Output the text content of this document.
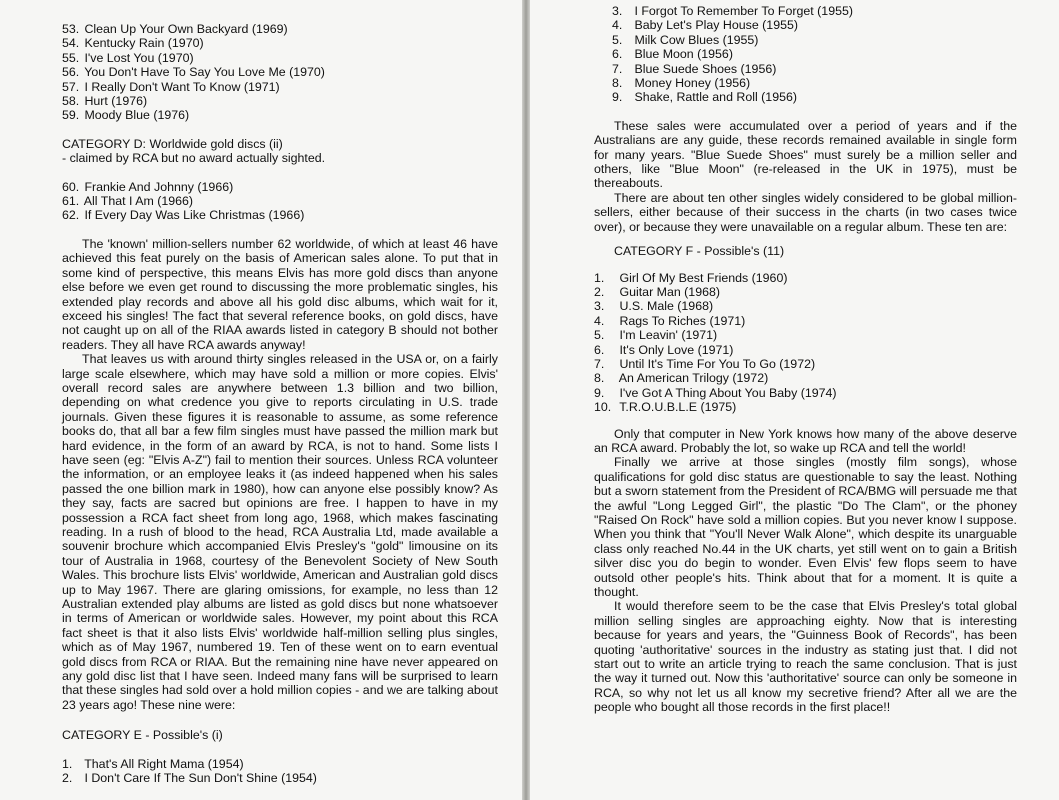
53. Clean Up Your Own Backyard (1969)
54. Kentucky Rain (1970)
55. I've Lost You (1970)
56. You Don't Have To Say You Love Me (1970)
57. I Really Don't Want To Know (1971)
58. Hurt (1976)
59. Moody Blue (1976)
CATEGORY D: Worldwide gold discs (ii)
- claimed by RCA but no award actually sighted.
60. Frankie And Johnny (1966)
61. All That I Am (1966)
62. If Every Day Was Like Christmas (1966)

The 'known' million-sellers number 62 worldwide, of which at least 46 have achieved this feat purely on the basis of American sales alone. To put that in some kind of perspective, this means Elvis has more gold discs than anyone else before we even get round to discussing the more problematic singles, his extended play records and above all his gold disc albums, which wait for it, exceed his singles! The fact that several reference books, on gold discs, have not caught up on all of the RIAA awards listed in category B should not bother readers. They all have RCA awards anyway!

That leaves us with around thirty singles released in the USA or, on a fairly large scale elsewhere, which may have sold a million or more copies. Elvis' overall record sales are anywhere between 1.3 billion and two billion, depending on what credence you give to reports circulating in U.S. trade journals. Given these figures it is reasonable to assume, as some reference books do, that all bar a few film singles must have passed the million mark but hard evidence, in the form of an award by RCA, is not to hand. Some lists I have seen (eg: "Elvis A-Z") fail to mention their sources. Unless RCA volunteer the information, or an employee leaks it (as indeed happened when his sales passed the one billion mark in 1980), how can anyone else possibly know? As they say, facts are sacred but opinions are free. I happen to have in my possession a RCA fact sheet from long ago, 1968, which makes fascinating reading. In a rush of blood to the head, RCA Australia Ltd, made available a souvenir brochure which accompanied Elvis Presley's "gold" limousine on its tour of Australia in 1968, courtesy of the Benevolent Society of New South Wales. This brochure lists Elvis' worldwide, American and Australian gold discs up to May 1967. There are glaring omissions, for example, no less than 12 Australian extended play albums are listed as gold discs but none whatsoever in terms of American or worldwide sales. However, my point about this RCA fact sheet is that it also lists Elvis' worldwide half-million selling plus singles, which as of May 1967, numbered 19. Ten of these went on to earn eventual gold discs from RCA or RIAA. But the remaining nine have never appeared on any gold disc list that I have seen. Indeed many fans will be surprised to learn that these singles had sold over a hold million copies - and we are talking about 23 years ago! These nine were:

CATEGORY E - Possible's (i)
1. That's All Right Mama (1954)
2. I Don't Care If The Sun Don't Shine (1954)
3. I Forgot To Remember To Forget (1955)
4. Baby Let's Play House (1955)
5. Milk Cow Blues (1955)
6. Blue Moon (1956)
7. Blue Suede Shoes (1956)
8. Money Honey (1956)
9. Shake, Rattle and Roll (1956)

These sales were accumulated over a period of years and if the Australians are any guide, these records remained available in single form for many years. "Blue Suede Shoes" must surely be a million seller and others, like "Blue Moon" (re-released in the UK in 1975), must be thereabouts.

There are about ten other singles widely considered to be global million-sellers, either because of their success in the charts (in two cases twice over), or because they were unavailable on a regular album. These ten are:

CATEGORY F - Possible's (11)
1. Girl Of My Best Friends (1960)
2. Guitar Man (1968)
3. U.S. Male (1968)
4. Rags To Riches (1971)
5. I'm Leavin' (1971)
6. It's Only Love (1971)
7. Until It's Time For You To Go (1972)
8. An American Trilogy (1972)
9. I've Got A Thing About You Baby (1974)
10. T.R.O.U.B.L.E (1975)

Only that computer in New York knows how many of the above deserve an RCA award. Probably the lot, so wake up RCA and tell the world!

Finally we arrive at those singles (mostly film songs), whose qualifications for gold disc status are questionable to say the least. Nothing but a sworn statement from the President of RCA/BMG will persuade me that the awful "Long Legged Girl", the plastic "Do The Clam", or the phoney "Raised On Rock" have sold a million copies. But you never know I suppose. When you think that "You'll Never Walk Alone", which despite its unarguable class only reached No.44 in the UK charts, yet still went on to gain a British silver disc you do begin to wonder. Even Elvis' few flops seem to have outsold other people's hits. Think about that for a moment. It is quite a thought.

It would therefore seem to be the case that Elvis Presley's total global million selling singles are approaching eighty. Now that is interesting because for years and years, the "Guinness Book of Records", has been quoting 'authoritative' sources in the industry as stating just that. I did not start out to write an article trying to reach the same conclusion. That is just the way it turned out. Now this 'authoritative' source can only be someone in RCA, so why not let us all know my secretive friend? After all we are the people who bought all those records in the first place!!
